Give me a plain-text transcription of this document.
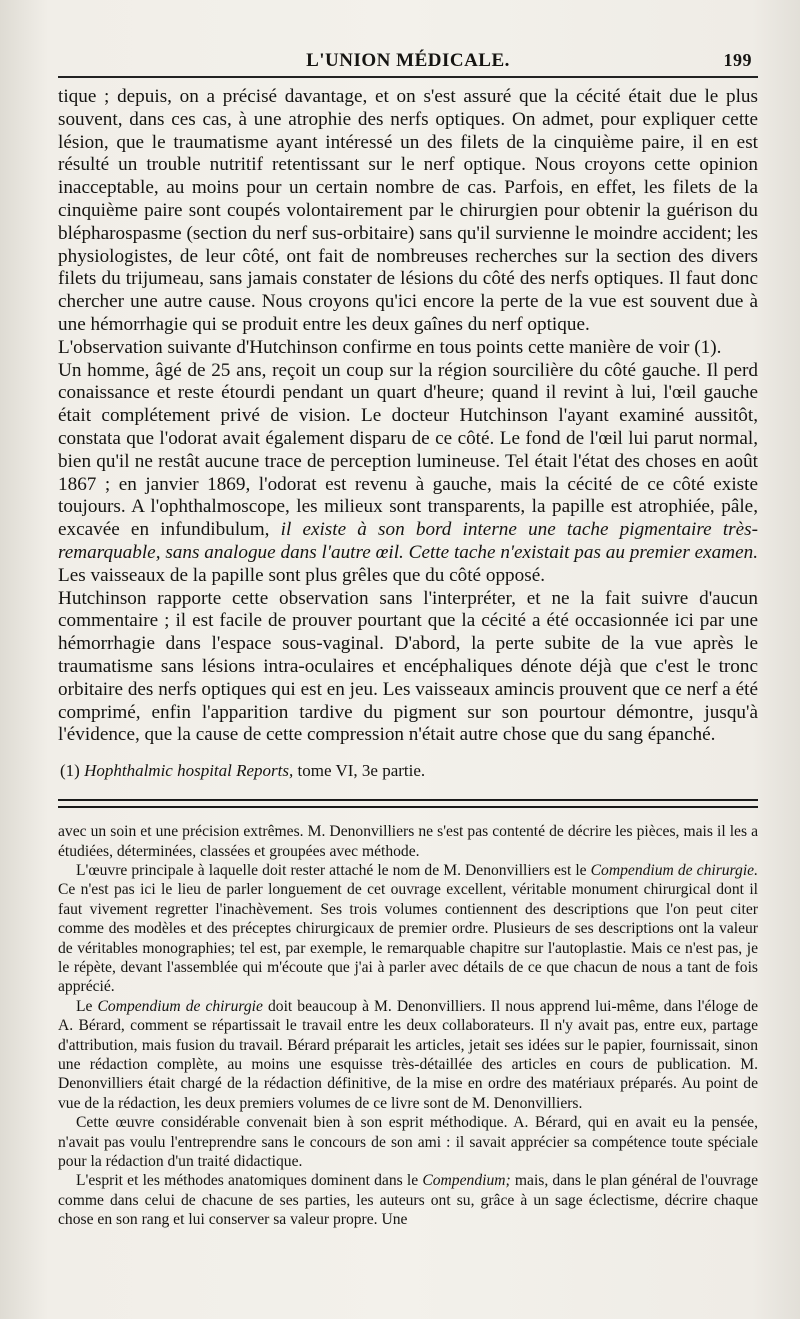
L'UNION MÉDICALE.	199

tique ; depuis, on a précisé davantage, et on s'est assuré que la cécité était due le plus souvent, dans ces cas, à une atrophie des nerfs optiques. On admet, pour expliquer cette lésion, que le traumatisme ayant intéressé un des filets de la cinquième paire, il en est résulté un trouble nutritif retentissant sur le nerf optique. Nous croyons cette opinion inacceptable, au moins pour un certain nombre de cas. Parfois, en effet, les filets de la cinquième paire sont coupés volontairement par le chirurgien pour obtenir la guérison du blépharospasme (section du nerf sus-orbitaire) sans qu'il survienne le moindre accident; les physiologistes, de leur côté, ont fait de nombreuses recherches sur la section des divers filets du trijumeau, sans jamais constater de lésions du côté des nerfs optiques. Il faut donc chercher une autre cause. Nous croyons qu'ici encore la perte de la vue est souvent due à une hémorrhagie qui se produit entre les deux gaînes du nerf optique.

L'observation suivante d'Hutchinson confirme en tous points cette manière de voir (1).

Un homme, âgé de 25 ans, reçoit un coup sur la région sourcilière du côté gauche. Il perd conaissance et reste étourdi pendant un quart d'heure; quand il revint à lui, l'œil gauche était complétement privé de vision. Le docteur Hutchinson l'ayant examiné aussitôt, constata que l'odorat avait également disparu de ce côté. Le fond de l'œil lui parut normal, bien qu'il ne restât aucune trace de perception lumineuse. Tel était l'état des choses en août 1867 ; en janvier 1869, l'odorat est revenu à gauche, mais la cécité de ce côté existe toujours. A l'ophthalmoscope, les milieux sont transparents, la papille est atrophiée, pâle, excavée en infundibulum, il existe à son bord interne une tache pigmentaire très-remarquable, sans analogue dans l'autre œil. Cette tache n'existait pas au premier examen. Les vaisseaux de la papille sont plus grêles que du côté opposé.

Hutchinson rapporte cette observation sans l'interpréter, et ne la fait suivre d'aucun commentaire ; il est facile de prouver pourtant que la cécité a été occasionnée ici par une hémorrhagie dans l'espace sous-vaginal. D'abord, la perte subite de la vue après le traumatisme sans lésions intra-oculaires et encéphaliques dénote déjà que c'est le tronc orbitaire des nerfs optiques qui est en jeu. Les vaisseaux amincis prouvent que ce nerf a été comprimé, enfin l'apparition tardive du pigment sur son pourtour démontre, jusqu'à l'évidence, que la cause de cette compression n'était autre chose que du sang épanché.

(1) Hophthalmic hospital Reports, tome VI, 3e partie.

avec un soin et une précision extrêmes. M. Denonvilliers ne s'est pas contenté de décrire les pièces, mais il les a étudiées, déterminées, classées et groupées avec méthode.

L'œuvre principale à laquelle doit rester attaché le nom de M. Denonvilliers est le Compendium de chirurgie. Ce n'est pas ici le lieu de parler longuement de cet ouvrage excellent, véritable monument chirurgical dont il faut vivement regretter l'inachèvement. Ses trois volumes contiennent des descriptions que l'on peut citer comme des modèles et des préceptes chirurgicaux de premier ordre. Plusieurs de ses descriptions ont la valeur de véritables monographies; tel est, par exemple, le remarquable chapitre sur l'autoplastie. Mais ce n'est pas, je le répète, devant l'assemblée qui m'écoute que j'ai à parler avec détails de ce que chacun de nous a tant de fois apprécié.

Le Compendium de chirurgie doit beaucoup à M. Denonvilliers. Il nous apprend lui-même, dans l'éloge de A. Bérard, comment se répartissait le travail entre les deux collaborateurs. Il n'y avait pas, entre eux, partage d'attribution, mais fusion du travail. Bérard préparait les articles, jetait ses idées sur le papier, fournissait, sinon une rédaction complète, au moins une esquisse très-détaillée des articles en cours de publication. M. Denonvilliers était chargé de la rédaction définitive, de la mise en ordre des matériaux préparés. Au point de vue de la rédaction, les deux premiers volumes de ce livre sont de M. Denonvilliers.

Cette œuvre considérable convenait bien à son esprit méthodique. A. Bérard, qui en avait eu la pensée, n'avait pas voulu l'entreprendre sans le concours de son ami : il savait apprécier sa compétence toute spéciale pour la rédaction d'un traité didactique.

L'esprit et les méthodes anatomiques dominent dans le Compendium; mais, dans le plan général de l'ouvrage comme dans celui de chacune de ses parties, les auteurs ont su, grâce à un sage éclectisme, décrire chaque chose en son rang et lui conserver sa valeur propre. Une
